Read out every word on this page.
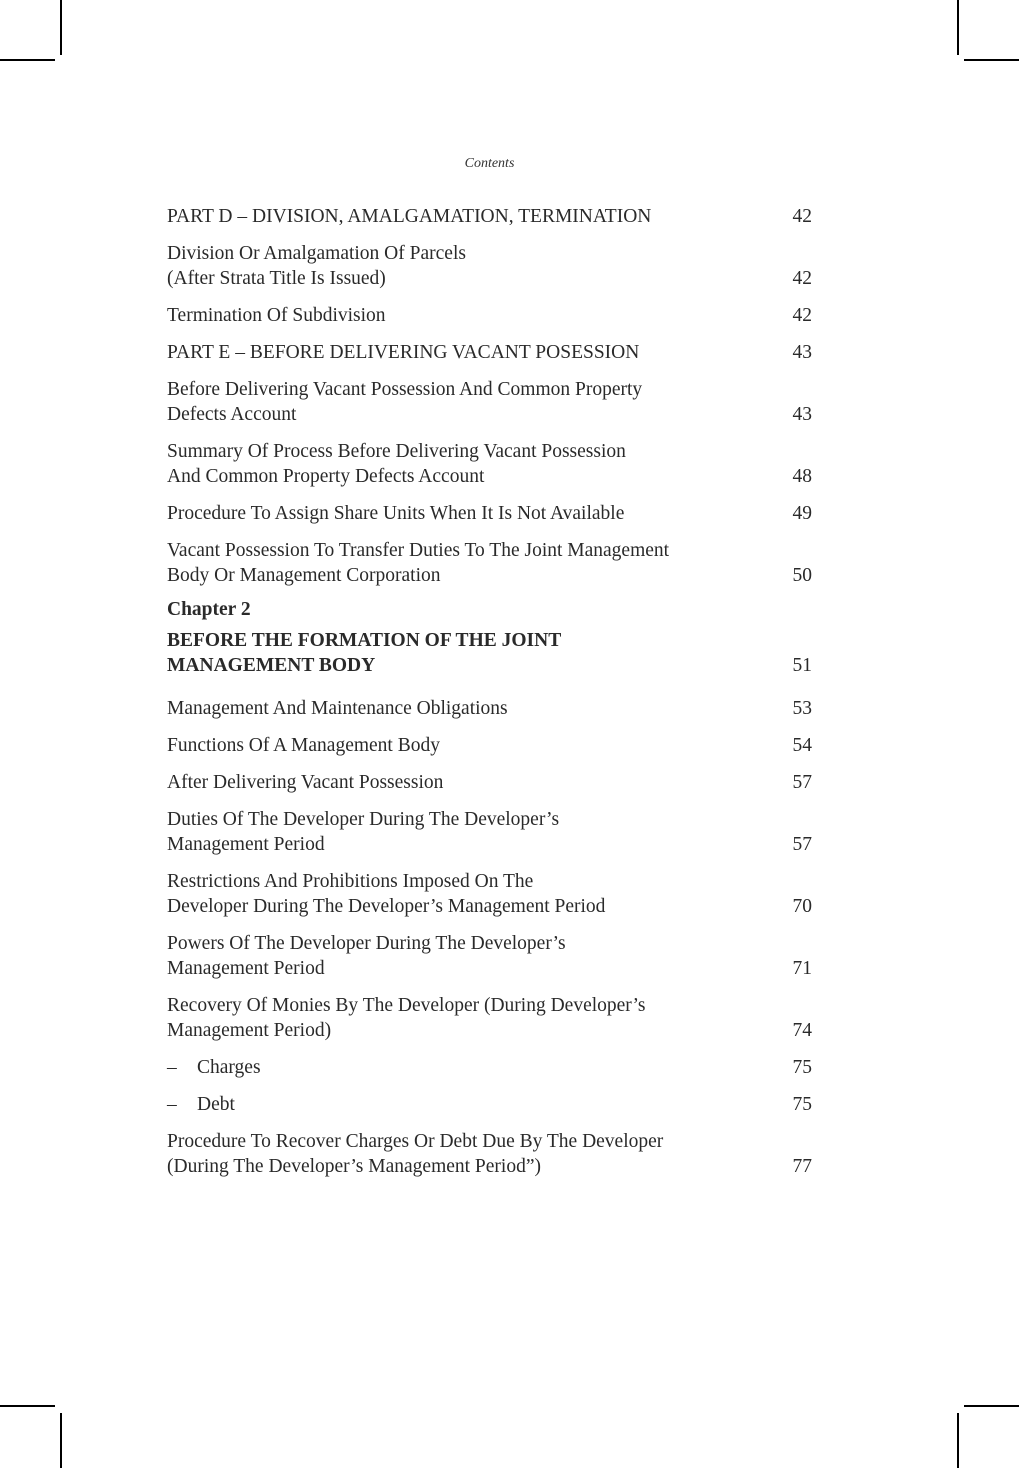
Contents
PART D – DIVISION, AMALGAMATION, TERMINATION	42
Division Or Amalgamation Of Parcels
(After Strata Title Is Issued)	42
Termination Of Subdivision	42
PART E – BEFORE DELIVERING VACANT POSESSION	43
Before Delivering Vacant Possession And Common Property
Defects Account	43
Summary Of Process Before Delivering Vacant Possession
And Common Property Defects Account	48
Procedure To Assign Share Units When It Is Not Available	49
Vacant Possession To Transfer Duties To The Joint Management
Body Or Management Corporation	50
Chapter 2
BEFORE THE FORMATION OF THE JOINT
MANAGEMENT BODY	51
Management And Maintenance Obligations	53
Functions Of A Management Body	54
After Delivering Vacant Possession	57
Duties Of The Developer During The Developer’s
Management Period	57
Restrictions And Prohibitions Imposed On The
Developer During The Developer’s Management Period	70
Powers Of The Developer During The Developer’s
Management Period	71
Recovery Of Monies By The Developer (During Developer’s
Management Period)	74
–	Charges	75
–	Debt	75
Procedure To Recover Charges Or Debt Due By The Developer
(During The Developer’s Management Period”)	77
